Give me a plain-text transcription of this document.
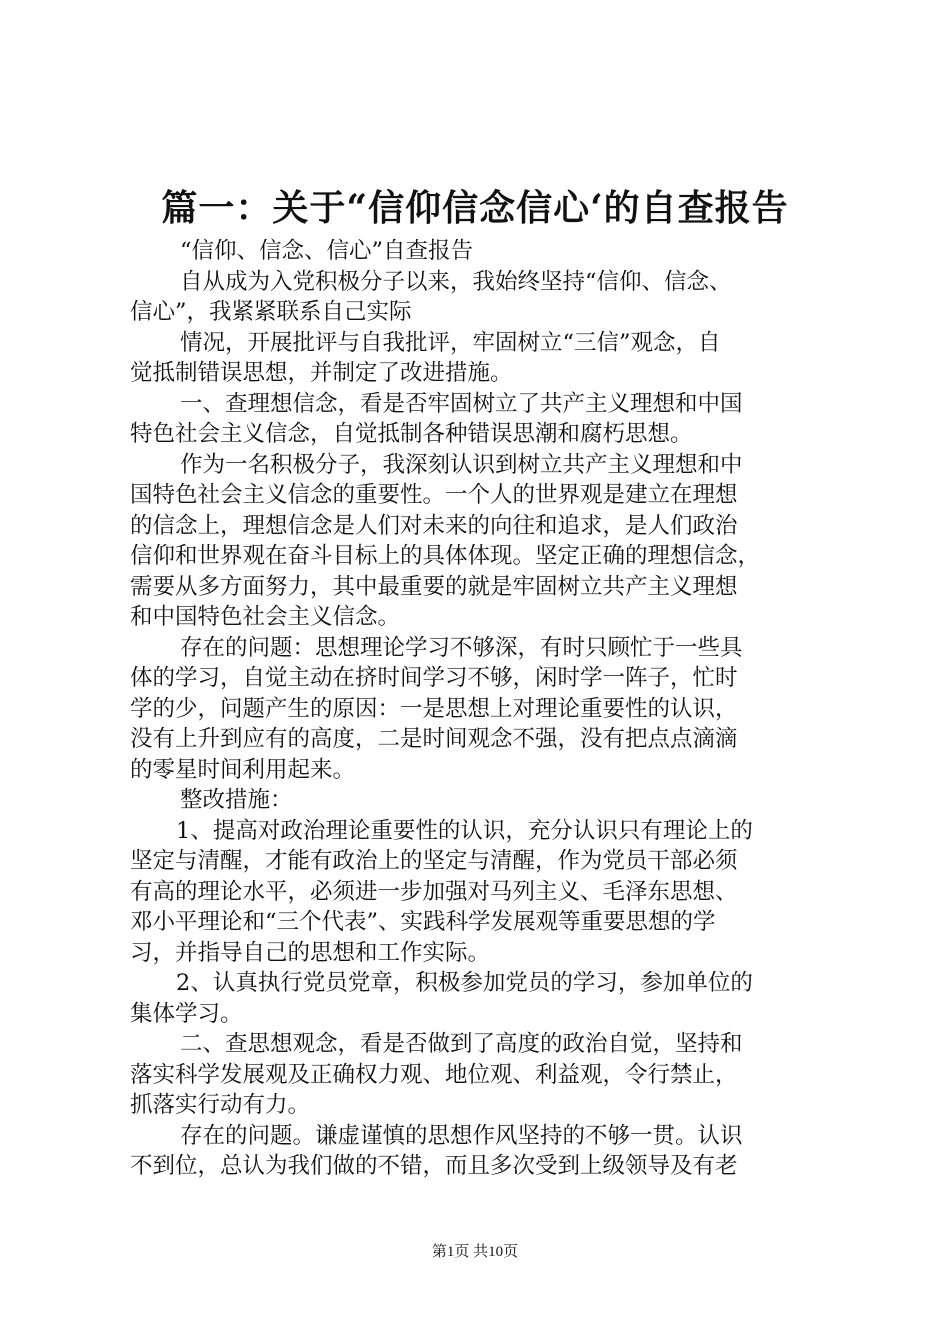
篇一：关于“信仰信念信心‘的自查报告
“信仰、信念、信心”自查报告
自从成为入党积极分子以来，我始终坚持“信仰、信念、
信心”，我紧紧联系自己实际
情况，开展批评与自我批评，牢固树立“三信”观念，自
觉抵制错误思想，并制定了改进措施。
一、查理想信念，看是否牢固树立了共产主义理想和中国
特色社会主义信念，自觉抵制各种错误思潮和腐朽思想。
作为一名积极分子，我深刻认识到树立共产主义理想和中
国特色社会主义信念的重要性。一个人的世界观是建立在理想
的信念上，理想信念是人们对未来的向往和追求，是人们政治
信仰和世界观在奋斗目标上的具体体现。坚定正确的理想信念，
需要从多方面努力，其中最重要的就是牢固树立共产主义理想
和中国特色社会主义信念。
存在的问题：思想理论学习不够深，有时只顾忙于一些具
体的学习，自觉主动在挤时间学习不够，闲时学一阵子，忙时
学的少，问题产生的原因：一是思想上对理论重要性的认识，
没有上升到应有的高度，二是时间观念不强，没有把点点滴滴
的零星时间利用起来。
整改措施：
1、提高对政治理论重要性的认识，充分认识只有理论上的
坚定与清醒，才能有政治上的坚定与清醒，作为党员干部必须
有高的理论水平，必须进一步加强对马列主义、毛泽东思想、
邓小平理论和“三个代表”、实践科学发展观等重要思想的学
习，并指导自己的思想和工作实际。
2、认真执行党员党章，积极参加党员的学习，参加单位的
集体学习。
二、查思想观念，看是否做到了高度的政治自觉，坚持和
落实科学发展观及正确权力观、地位观、利益观，令行禁止，
抓落实行动有力。
存在的问题。谦虚谨慎的思想作风坚持的不够一贯。认识
不到位，总认为我们做的不错，而且多次受到上级领导及有老
第1页 共10页
